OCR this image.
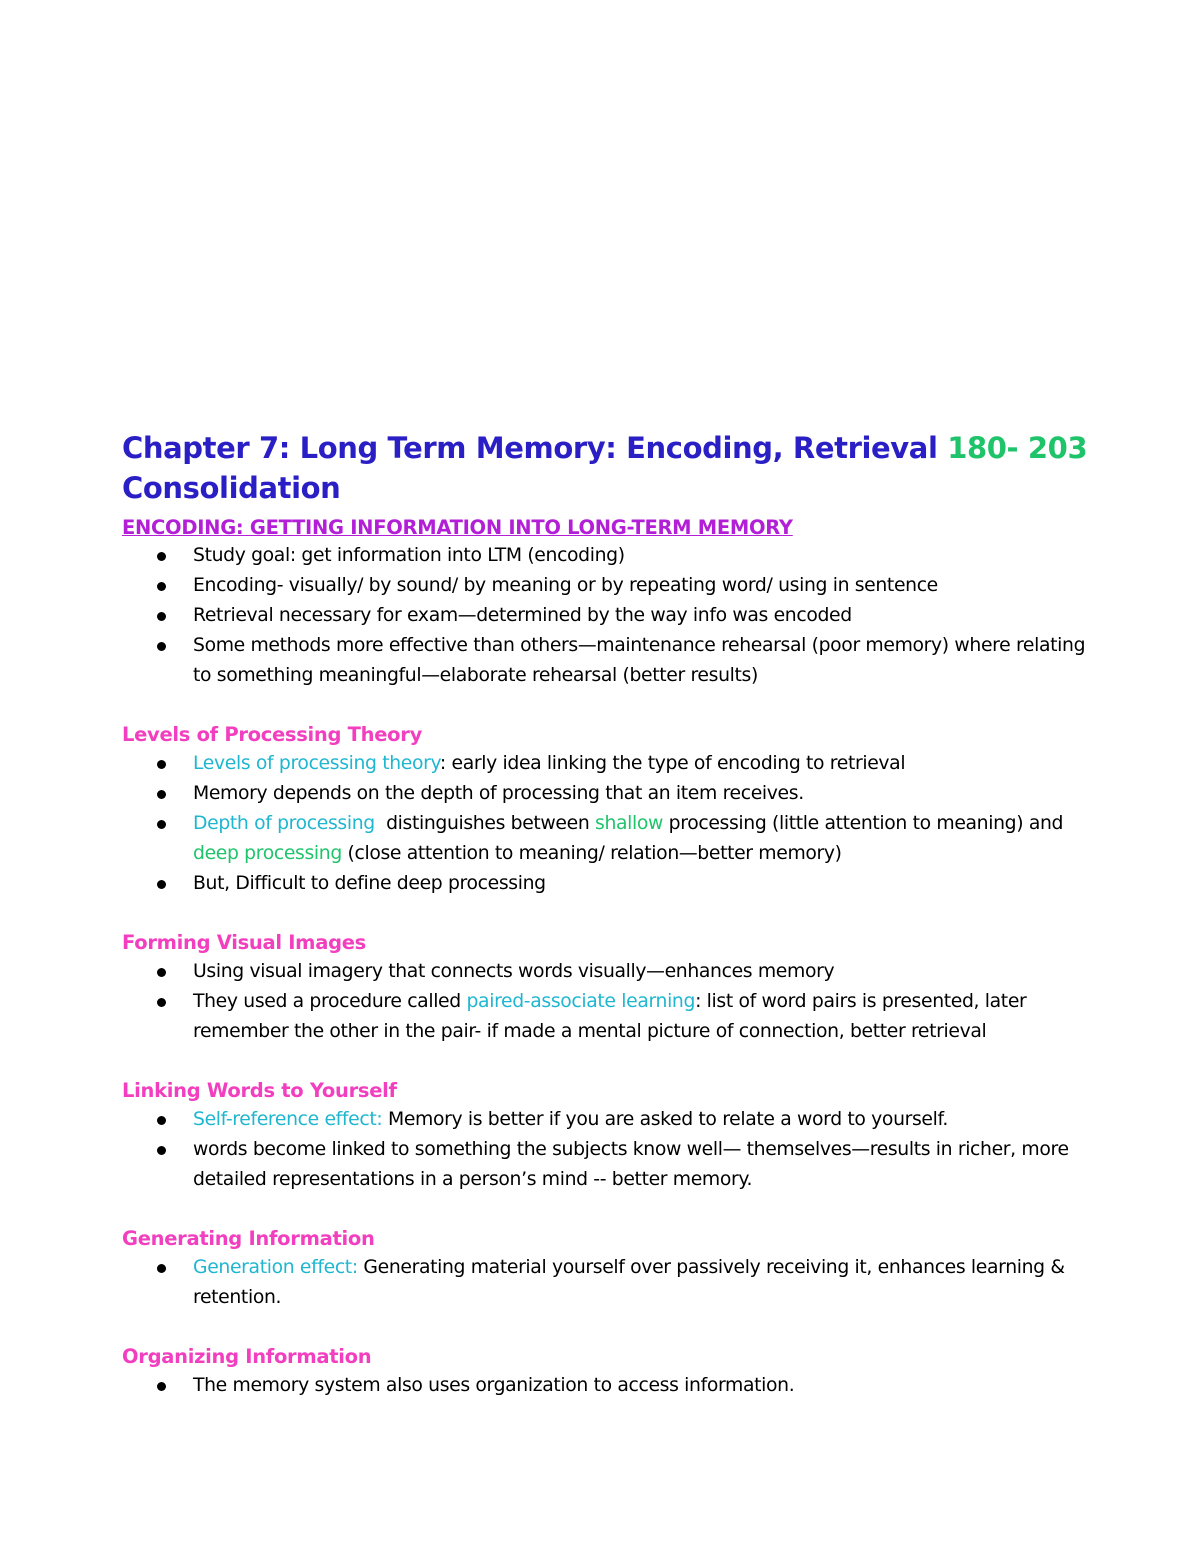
Chapter 7: Long Term Memory: Encoding, Retrieval 180- 203
Consolidation
ENCODING: GETTING INFORMATION INTO LONG‐TERM MEMORY
Study goal: get information into LTM (encoding)
Encoding- visually/ by sound/ by meaning or by repeating word/ using in sentence
Retrieval necessary for exam—determined by the way info was encoded
Some methods more effective than others—maintenance rehearsal (poor memory) where relating to something meaningful—elaborate rehearsal (better results)
Levels of Processing Theory
Levels of processing theory: early idea linking the type of encoding to retrieval
Memory depends on the depth of processing that an item receives.
Depth of processing  distinguishes between shallow processing (little attention to meaning) and deep processing (close attention to meaning/ relation—better memory)
But, Difficult to define deep processing
Forming Visual Images
Using visual imagery that connects words visually—enhances memory
They used a procedure called paired-associate learning: list of word pairs is presented, later remember the other in the pair- if made a mental picture of connection, better retrieval
Linking Words to Yourself
Self-reference effect: Memory is better if you are asked to relate a word to yourself.
words become linked to something the subjects know well— themselves—results in richer, more detailed representations in a person’s mind -- better memory.
Generating Information
Generation effect: Generating material yourself over passively receiving it, enhances learning & retention.
Organizing Information
The memory system also uses organization to access information.
